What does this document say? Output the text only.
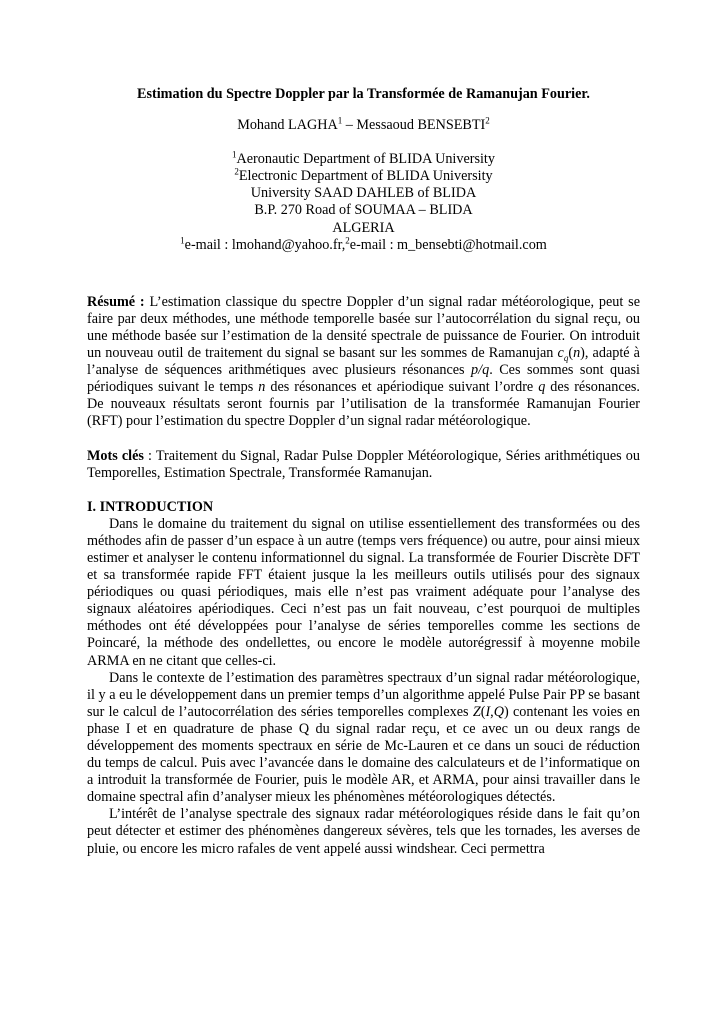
Estimation du Spectre Doppler par la Transformée de Ramanujan Fourier.
Mohand LAGHA$^1$ – Messaoud BENSEBTI$^2$
$^1$Aeronautic Department of BLIDA University
$^2$Electronic Department of BLIDA University
University SAAD DAHLEB of BLIDA
B.P. 270 Road of SOUMAA – BLIDA
ALGERIA
$^1$e-mail : lmohand@yahoo.fr,$^2$e-mail : m_bensebti@hotmail.com

Résumé : L’estimation classique du spectre Doppler d’un signal radar météorologique, peut se faire par deux méthodes, une méthode temporelle basée sur l’autocorrélation du signal reçu, ou une méthode basée sur l’estimation de la densité spectrale de puissance de Fourier. On introduit un nouveau outil de traitement du signal se basant sur les sommes de Ramanujan $c_q(n)$, adapté à l’analyse de séquences arithmétiques avec plusieurs résonances p/q. Ces sommes sont quasi périodiques suivant le temps n des résonances et apériodique suivant l’ordre q des résonances. De nouveaux résultats seront fournis par l’utilisation de la transformée Ramanujan Fourier (RFT) pour l’estimation du spectre Doppler d’un signal radar météorologique.

Mots clés : Traitement du Signal, Radar Pulse Doppler Météorologique, Séries arithmétiques ou Temporelles, Estimation Spectrale, Transformée Ramanujan.

I. INTRODUCTION

Dans le domaine du traitement du signal on utilise essentiellement des transformées ou des méthodes afin de passer d’un espace à un autre (temps vers fréquence) ou autre, pour ainsi mieux estimer et analyser le contenu informationnel du signal. La transformée de Fourier Discrète DFT et sa transformée rapide FFT étaient jusque la les meilleurs outils utilisés pour des signaux périodiques ou quasi périodiques, mais elle n’est pas vraiment adéquate pour l’analyse des signaux aléatoires apériodiques. Ceci n’est pas un fait nouveau, c’est pourquoi de multiples méthodes ont été développées pour l’analyse de séries temporelles comme les sections de Poincaré, la méthode des ondellettes, ou encore le modèle autorégressif à moyenne mobile ARMA en ne citant que celles-ci.

Dans le contexte de l’estimation des paramètres spectraux d’un signal radar météorologique, il y a eu le développement dans un premier temps d’un algorithme appelé Pulse Pair PP se basant sur le calcul de l’autocorrélation des séries temporelles complexes Z(I,Q) contenant les voies en phase I et en quadrature de phase Q du signal radar reçu, et ce avec un ou deux rangs de développement des moments spectraux en série de Mc-Lauren et ce dans un souci de réduction du temps de calcul. Puis avec l’avancée dans le domaine des calculateurs et de l’informatique on a introduit la transformée de Fourier, puis le modèle AR, et ARMA, pour ainsi travailler dans le domaine spectral afin d’analyser mieux les phénomènes météorologiques détectés.

L’intérêt de l’analyse spectrale des signaux radar météorologiques réside dans le fait qu’on peut détecter et estimer des phénomènes dangereux sévères, tels que les tornades, les averses de pluie, ou encore les micro rafales de vent appelé aussi windshear. Ceci permettra
